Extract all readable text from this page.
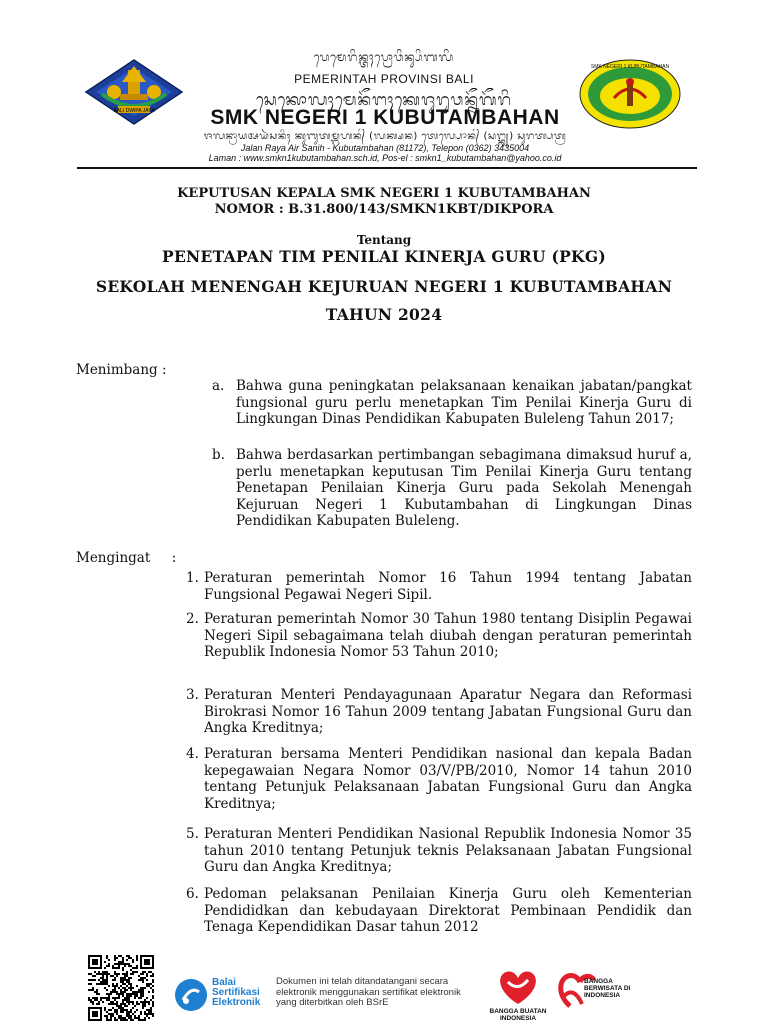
BALI DWIPA JAYA
ᬧᬾᬫᬾᬭᬶᬦ᭄ᬢᬄᬧ᭄ᬭᭀᬯᬶᬦ᭄ᬲᬶᬩᬮᬶ
PEMERINTAH PROVINSI BALI
ᬲᬾᬓᭀᬮᬄᬫᬾᬦᭂᬗᬄᬓᬾᬚᬸᬭᬸᬯᬦ᭄ᬦᭂᬕᭂᬭᬶ
SMK NEGERI 1 KUBUTAMBAHAN
ᬚᬮᬦ᭄ᬭᬵᬬᬅᬬᬃᬲᬦᬶᬄ ᬓᬸᬩᬸᬢᬫ᭄ᬩᬳᬦ᭄ (ᬮᬓ᭄ᬱᬦ) ᬢᬾᬮ᭄ᬧᭀᬦ᭄ (ᬲᬗ᭄ᬓ᭄ᬬ) ᬲᬸᬭᬢ᭄ᬧᬢ᭄ᬭ
Jalan Raya Air Sanih - Kubutambahan (81172), Telepon (0362) 3435004
Laman : www.smkn1kubutambahan.sch.id, Pos-el : smkn1_kubutambahan@yahoo.co.id
SMK NEGERI 1 KUBUTAMBAHAN
KEPUTUSAN KEPALA SMK NEGERI 1 KUBUTAMBAHAN
NOMOR : B.31.800/143/SMKN1KBT/DIKPORA
Tentang
PENETAPAN TIM PENILAI KINERJA GURU (PKG)
SEKOLAH MENENGAH KEJURUAN NEGERI 1 KUBUTAMBAHAN
TAHUN 2024
Menimbang :
a. Bahwa guna peningkatan pelaksanaan kenaikan jabatan/pangkat fungsional guru perlu menetapkan Tim Penilai Kinerja Guru di Lingkungan Dinas Pendidikan Kabupaten Buleleng Tahun 2017;
b. Bahwa berdasarkan pertimbangan sebagimana dimaksud huruf a, perlu menetapkan keputusan Tim Penilai Kinerja Guru tentang Penetapan Penilaian Kinerja Guru pada Sekolah Menengah Kejuruan Negeri 1 Kubutambahan di Lingkungan Dinas Pendidikan Kabupaten Buleleng.
Mengingat     :
1. Peraturan pemerintah Nomor 16 Tahun 1994 tentang Jabatan Fungsional Pegawai Negeri Sipil.
2. Peraturan pemerintah Nomor 30 Tahun 1980 tentang Disiplin Pegawai Negeri Sipil sebagaimana telah diubah dengan peraturan pemerintah Republik Indonesia Nomor 53 Tahun 2010;
3. Peraturan Menteri Pendayagunaan Aparatur Negara dan Reformasi Birokrasi Nomor 16 Tahun 2009 tentang Jabatan Fungsional Guru dan Angka Kreditnya;
4. Peraturan bersama Menteri Pendidikan nasional dan kepala Badan kepegawaian Negara Nomor 03/V/PB/2010, Nomor 14 tahun 2010 tentang Petunjuk Pelaksanaan Jabatan Fungsional Guru dan Angka Kreditnya;
5. Peraturan Menteri Pendidikan Nasional Republik Indonesia Nomor 35 tahun 2010 tentang Petunjuk teknis Pelaksanaan Jabatan Fungsional Guru dan Angka Kreditnya;
6. Pedoman pelaksanan Penilaian Kinerja Guru oleh Kementerian Pendididkan dan kebudayaan Direktorat Pembinaan Pendidik dan Tenaga Kependidikan Dasar tahun 2012
Balai Sertifikasi Elektronik
Dokumen ini telah ditandatangani secara elektronik menggunakan sertifikat elektronik yang diterbitkan oleh BSrE
BANGGA BUATAN INDONESIA
BANGGA BERWISATA DI INDONESIA
